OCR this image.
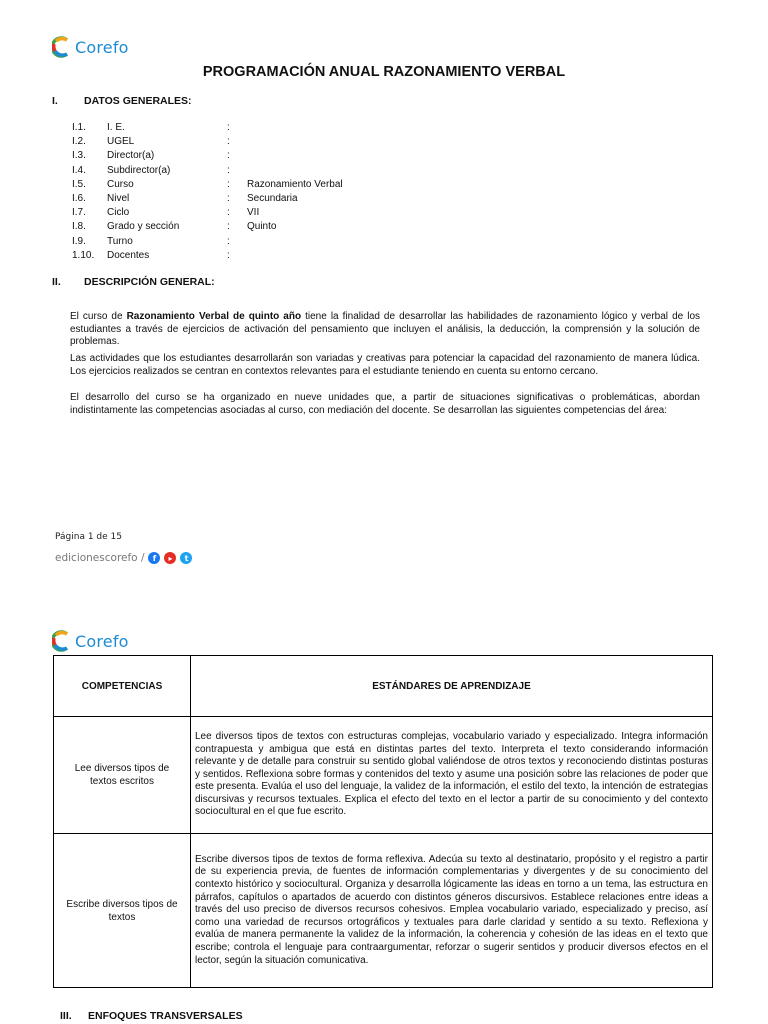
Corefo
PROGRAMACIÓN ANUAL RAZONAMIENTO VERBAL
I. DATOS GENERALES:
I.1. I. E.	:
I.2. UGEL	:
I.3. Director(a)	:
I.4. Subdirector(a)	:
I.5. Curso	: Razonamiento Verbal
I.6. Nivel	: Secundaria
I.7. Ciclo	: VII
I.8. Grado y sección	: Quinto
I.9. Turno	:
1.10. Docentes	:
II. DESCRIPCIÓN GENERAL:

El curso de Razonamiento Verbal de quinto año tiene la finalidad de desarrollar las habilidades de razonamiento lógico y verbal de los estudiantes a través de ejercicios de activación del pensamiento que incluyen el análisis, la deducción, la comprensión y la solución de problemas.

Las actividades que los estudiantes desarrollarán son variadas y creativas para potenciar la capacidad del razonamiento de manera lúdica. Los ejercicios realizados se centran en contextos relevantes para el estudiante teniendo en cuenta su entorno cercano.

El desarrollo del curso se ha organizado en nueve unidades que, a partir de situaciones significativas o problemáticas, abordan indistintamente las competencias asociadas al curso, con mediación del docente. Se desarrollan las siguientes competencias del área:

Página 1 de 15
edicionescorefo /	f	▸	t
Corefo
COMPETENCIAS	ESTÁNDARES DE APRENDIZAJE
Lee diversos tipos de textos escritos	Lee diversos tipos de textos con estructuras complejas, vocabulario variado y especializado. Integra información contrapuesta y ambigua que está en distintas partes del texto. Interpreta el texto considerando información relevante y de detalle para construir su sentido global valiéndose de otros textos y reconociendo distintas posturas y sentidos. Reflexiona sobre formas y contenidos del texto y asume una posición sobre las relaciones de poder que este presenta. Evalúa el uso del lenguaje, la validez de la información, el estilo del texto, la intención de estrategias discursivas y recursos textuales. Explica el efecto del texto en el lector a partir de su conocimiento y del contexto sociocultural en el que fue escrito.
Escribe diversos tipos de textos	Escribe diversos tipos de textos de forma reflexiva. Adecúa su texto al destinatario, propósito y el registro a partir de su experiencia previa, de fuentes de información complementarias y divergentes y de su conocimiento del contexto histórico y sociocultural. Organiza y desarrolla lógicamente las ideas en torno a un tema, las estructura en párrafos, capítulos o apartados de acuerdo con distintos géneros discursivos. Establece relaciones entre ideas a través del uso preciso de diversos recursos cohesivos. Emplea vocabulario variado, especializado y preciso, así como una variedad de recursos ortográficos y textuales para darle claridad y sentido a su texto. Reflexiona y evalúa de manera permanente la validez de la información, la coherencia y cohesión de las ideas en el texto que escribe; controla el lenguaje para contraargumentar, reforzar o sugerir sentidos y producir diversos efectos en el lector, según la situación comunicativa.
III. ENFOQUES TRANSVERSALES
